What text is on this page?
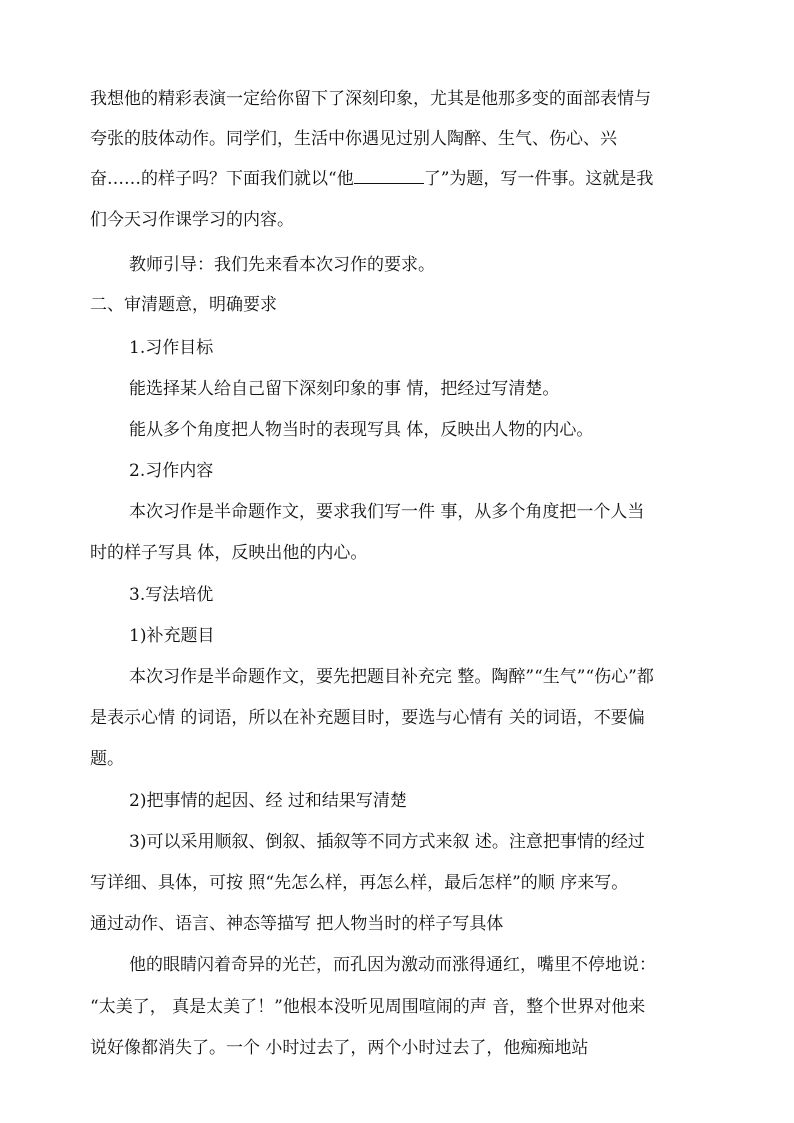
我想他的精彩表演一定给你留下了深刻印象，尤其是他那多变的面部表情与
夸张的肢体动作。同学们，生活中你遇见过别人陶醉、生气、伤心、兴
奋……的样子吗？下面我们就以“他	了”为题，写一件事。这就是我
们今天习作课学习的内容。
教师引导：我们先来看本次习作的要求。
二、审清题意，明确要求
1.习作目标
能选择某人给自己留下深刻印象的事 情，把经过写清楚。
能从多个角度把人物当时的表现写具 体，反映出人物的内心。
2.习作内容
本次习作是半命题作文，要求我们写一件 事，从多个角度把一个人当
时的样子写具 体，反映出他的内心。
3.写法培优
1)补充题目
本次习作是半命题作文，要先把题目补充完 整。陶醉”“生气”“伤心”都
是表示心情 的词语，所以在补充题目时，要选与心情有 关的词语，不要偏
题。
2)把事情的起因、经 过和结果写清楚
3)可以采用顺叙、倒叙、插叙等不同方式来叙 述。注意把事情的经过
写详细、具体，可按 照“先怎么样，再怎么样，最后怎样”的顺 序来写。
通过动作、语言、神态等描写 把人物当时的样子写具体
他的眼睛闪着奇异的光芒，而孔因为激动而涨得通红，嘴里不停地说：
“太美了， 真是太美了！”他根本没听见周围喧闹的声 音，整个世界对他来
说好像都消失了。一个 小时过去了，两个小时过去了，他痴痴地站
